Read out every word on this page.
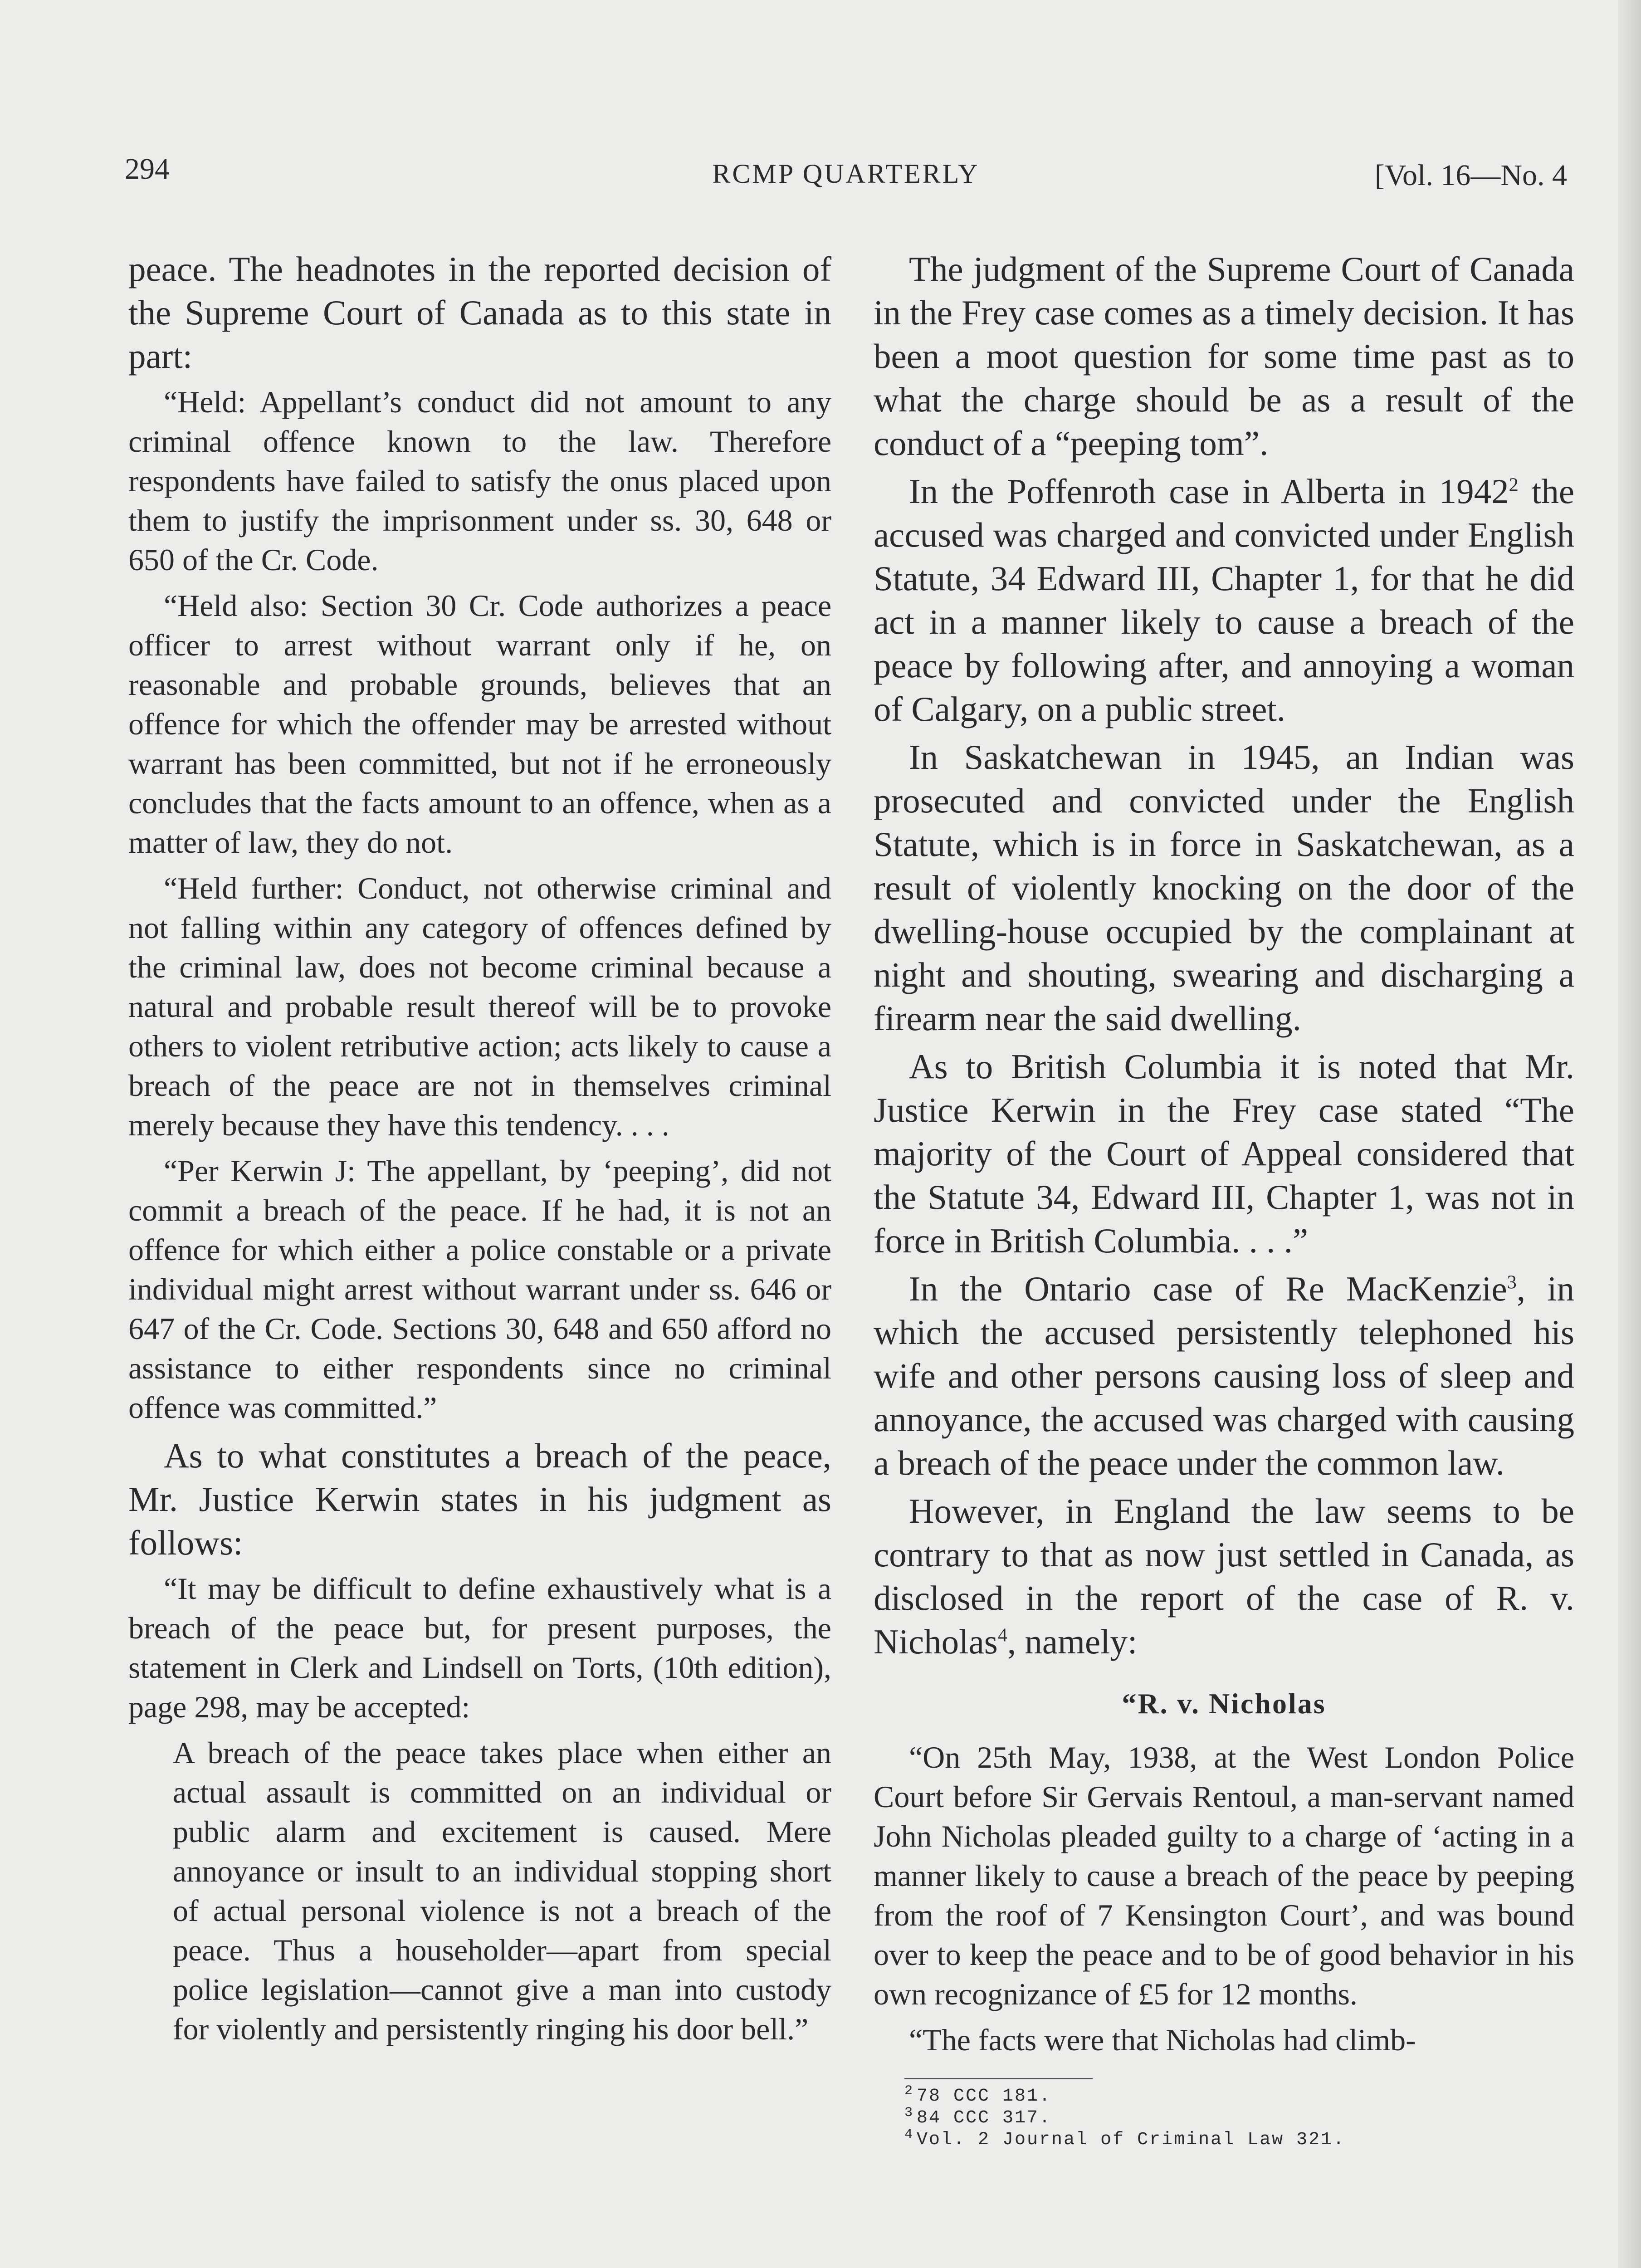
294	RCMP QUARTERLY	[Vol. 16—No. 4

peace. The headnotes in the reported decision of the Supreme Court of Canada as to this state in part:

“Held: Appellant’s conduct did not amount to any criminal offence known to the law. Therefore respondents have failed to satisfy the onus placed upon them to justify the imprisonment under ss. 30, 648 or 650 of the Cr. Code.

“Held also: Section 30 Cr. Code authorizes a peace officer to arrest without warrant only if he, on reasonable and probable grounds, believes that an offence for which the offender may be arrested without warrant has been committed, but not if he erroneously concludes that the facts amount to an offence, when as a matter of law, they do not.

“Held further: Conduct, not otherwise criminal and not falling within any category of offences defined by the criminal law, does not become criminal because a natural and probable result thereof will be to provoke others to violent retributive action; acts likely to cause a breach of the peace are not in themselves criminal merely because they have this tendency. . . .

“Per Kerwin J: The appellant, by ‘peeping’, did not commit a breach of the peace. If he had, it is not an offence for which either a police constable or a private individual might arrest without warrant under ss. 646 or 647 of the Cr. Code. Sections 30, 648 and 650 afford no assistance to either respondents since no criminal offence was committed.”

As to what constitutes a breach of the peace, Mr. Justice Kerwin states in his judgment as follows:

“It may be difficult to define exhaustively what is a breach of the peace but, for present purposes, the statement in Clerk and Lindsell on Torts, (10th edition), page 298, may be accepted:

A breach of the peace takes place when either an actual assault is committed on an individual or public alarm and excitement is caused. Mere annoyance or insult to an individual stopping short of actual personal violence is not a breach of the peace. Thus a householder—apart from special police legislation—cannot give a man into custody for violently and persistently ringing his door bell.”

The judgment of the Supreme Court of Canada in the Frey case comes as a timely decision. It has been a moot question for some time past as to what the charge should be as a result of the conduct of a “peeping tom”.

In the Poffenroth case in Alberta in 1942$^2$ the accused was charged and convicted under English Statute, 34 Edward III, Chapter 1, for that he did act in a manner likely to cause a breach of the peace by following after, and annoying a woman of Calgary, on a public street.

In Saskatchewan in 1945, an Indian was prosecuted and convicted under the English Statute, which is in force in Saskatchewan, as a result of violently knocking on the door of the dwelling-house occupied by the complainant at night and shouting, swearing and discharging a firearm near the said dwelling.

As to British Columbia it is noted that Mr. Justice Kerwin in the Frey case stated “The majority of the Court of Appeal considered that the Statute 34, Edward III, Chapter 1, was not in force in British Columbia. . . .”

In the Ontario case of Re MacKenzie$^3$, in which the accused persistently telephoned his wife and other persons causing loss of sleep and annoyance, the accused was charged with causing a breach of the peace under the common law.

However, in England the law seems to be contrary to that as now just settled in Canada, as disclosed in the report of the case of R. v. Nicholas$^4$, namely:

“R. v. Nicholas

“On 25th May, 1938, at the West London Police Court before Sir Gervais Rentoul, a man-servant named John Nicholas pleaded guilty to a charge of ‘acting in a manner likely to cause a breach of the peace by peeping from the roof of 7 Kensington Court’, and was bound over to keep the peace and to be of good behavior in his own recognizance of £5 for 12 months.

“The facts were that Nicholas had climb-

$^2$ 78 CCC 181.
$^3$ 84 CCC 317.
$^4$ Vol. 2 Journal of Criminal Law 321.
